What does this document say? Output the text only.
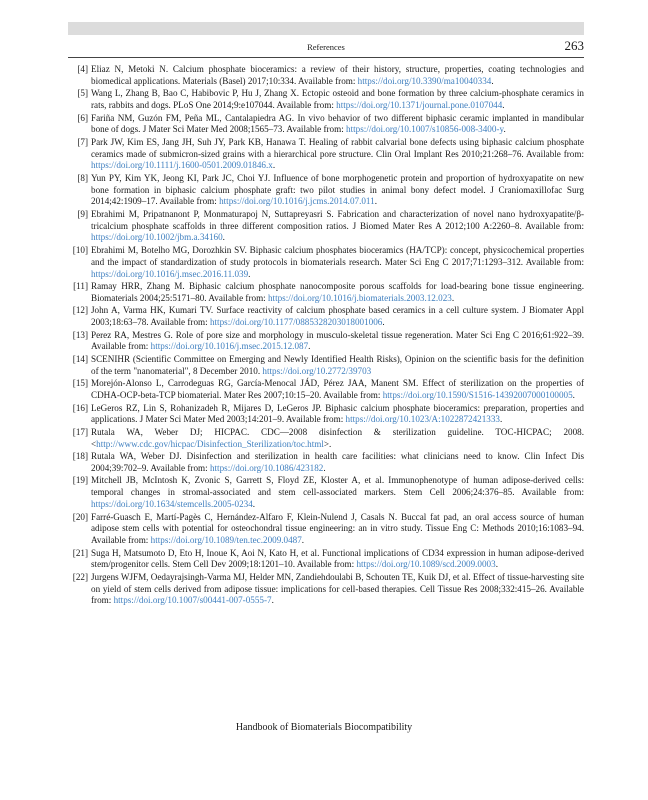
References	263
[4] Eliaz N, Metoki N. Calcium phosphate bioceramics: a review of their history, structure, properties, coating technologies and biomedical applications. Materials (Basel) 2017;10:334. Available from: https://doi.org/10.3390/ma10040334.
[5] Wang L, Zhang B, Bao C, Habibovic P, Hu J, Zhang X. Ectopic osteoid and bone formation by three calcium-phosphate ceramics in rats, rabbits and dogs. PLoS One 2014;9:e107044. Available from: https://doi.org/10.1371/journal.pone.0107044.
[6] Fariña NM, Guzón FM, Peña ML, Cantalapiedra AG. In vivo behavior of two different biphasic ceramic implanted in mandibular bone of dogs. J Mater Sci Mater Med 2008;1565–73. Available from: https://doi.org/10.1007/s10856-008-3400-y.
[7] Park JW, Kim ES, Jang JH, Suh JY, Park KB, Hanawa T. Healing of rabbit calvarial bone defects using biphasic calcium phosphate ceramics made of submicron-sized grains with a hierarchical pore structure. Clin Oral Implant Res 2010;21:268–76. Available from: https://doi.org/10.1111/j.1600-0501.2009.01846.x.
[8] Yun PY, Kim YK, Jeong KI, Park JC, Choi YJ. Influence of bone morphogenetic protein and proportion of hydroxyapatite on new bone formation in biphasic calcium phosphate graft: two pilot studies in animal bony defect model. J Craniomaxillofac Surg 2014;42:1909–17. Available from: https://doi.org/10.1016/j.jcms.2014.07.011.
[9] Ebrahimi M, Pripatnanont P, Monmaturapoj N, Suttapreyasri S. Fabrication and characterization of novel nano hydroxyapatite/β- tricalcium phosphate scaffolds in three different composition ratios. J Biomed Mater Res A 2012;100 A:2260–8. Available from: https://doi.org/10.1002/jbm.a.34160.
[10] Ebrahimi M, Botelho MG, Dorozhkin SV. Biphasic calcium phosphates bioceramics (HA/TCP): concept, physicochemical properties and the impact of standardization of study protocols in biomaterials research. Mater Sci Eng C 2017;71:1293–312. Available from: https://doi.org/10.1016/j.msec.2016.11.039.
[11] Ramay HRR, Zhang M. Biphasic calcium phosphate nanocomposite porous scaffolds for load-bearing bone tissue engineering. Biomaterials 2004;25:5171–80. Available from: https://doi.org/10.1016/j.biomaterials.2003.12.023.
[12] John A, Varma HK, Kumari TV. Surface reactivity of calcium phosphate based ceramics in a cell culture system. J Biomater Appl 2003;18:63–78. Available from: https://doi.org/10.1177/0885328203018001006.
[13] Perez RA, Mestres G. Role of pore size and morphology in musculo-skeletal tissue regeneration. Mater Sci Eng C 2016;61:922–39. Available from: https://doi.org/10.1016/j.msec.2015.12.087.
[14] SCENIHR (Scientific Committee on Emerging and Newly Identified Health Risks), Opinion on the scientific basis for the definition of the term "nanomaterial", 8 December 2010. https://doi.org/10.2772/39703
[15] Morejón-Alonso L, Carrodeguas RG, García-Menocal JÁD, Pérez JAA, Manent SM. Effect of sterilization on the properties of CDHA-OCP-beta-TCP biomaterial. Mater Res 2007;10:15–20. Available from: https://doi.org/10.1590/S1516-14392007000100005.
[16] LeGeros RZ, Lin S, Rohanizadeh R, Mijares D, LeGeros JP. Biphasic calcium phosphate bioceramics: preparation, properties and applications. J Mater Sci Mater Med 2003;14:201–9. Available from: https://doi.org/10.1023/A:1022872421333.
[17] Rutala WA, Weber DJ; HICPAC. CDC—2008 disinfection & sterilization guideline. TOC-HICPAC; 2008. <http://www.cdc.gov/hicpac/Disinfection_Sterilization/toc.html>.
[18] Rutala WA, Weber DJ. Disinfection and sterilization in health care facilities: what clinicians need to know. Clin Infect Dis 2004;39:702–9. Available from: https://doi.org/10.1086/423182.
[19] Mitchell JB, McIntosh K, Zvonic S, Garrett S, Floyd ZE, Kloster A, et al. Immunophenotype of human adipose-derived cells: temporal changes in stromal-associated and stem cell-associated markers. Stem Cell 2006;24:376–85. Available from: https://doi.org/10.1634/stemcells.2005-0234.
[20] Farré-Guasch E, Martí-Pagès C, Hernández-Alfaro F, Klein-Nulend J, Casals N. Buccal fat pad, an oral access source of human adipose stem cells with potential for osteochondral tissue engineering: an in vitro study. Tissue Eng C: Methods 2010;16:1083–94. Available from: https://doi.org/10.1089/ten.tec.2009.0487.
[21] Suga H, Matsumoto D, Eto H, Inoue K, Aoi N, Kato H, et al. Functional implications of CD34 expression in human adipose-derived stem/progenitor cells. Stem Cell Dev 2009;18:1201–10. Available from: https://doi.org/10.1089/scd.2009.0003.
[22] Jurgens WJFM, Oedayrajsingh-Varma MJ, Helder MN, Zandiehdoulabi B, Schouten TE, Kuik DJ, et al. Effect of tissue-harvesting site on yield of stem cells derived from adipose tissue: implications for cell-based therapies. Cell Tissue Res 2008;332:415–26. Available from: https://doi.org/10.1007/s00441-007-0555-7.
Handbook of Biomaterials Biocompatibility
